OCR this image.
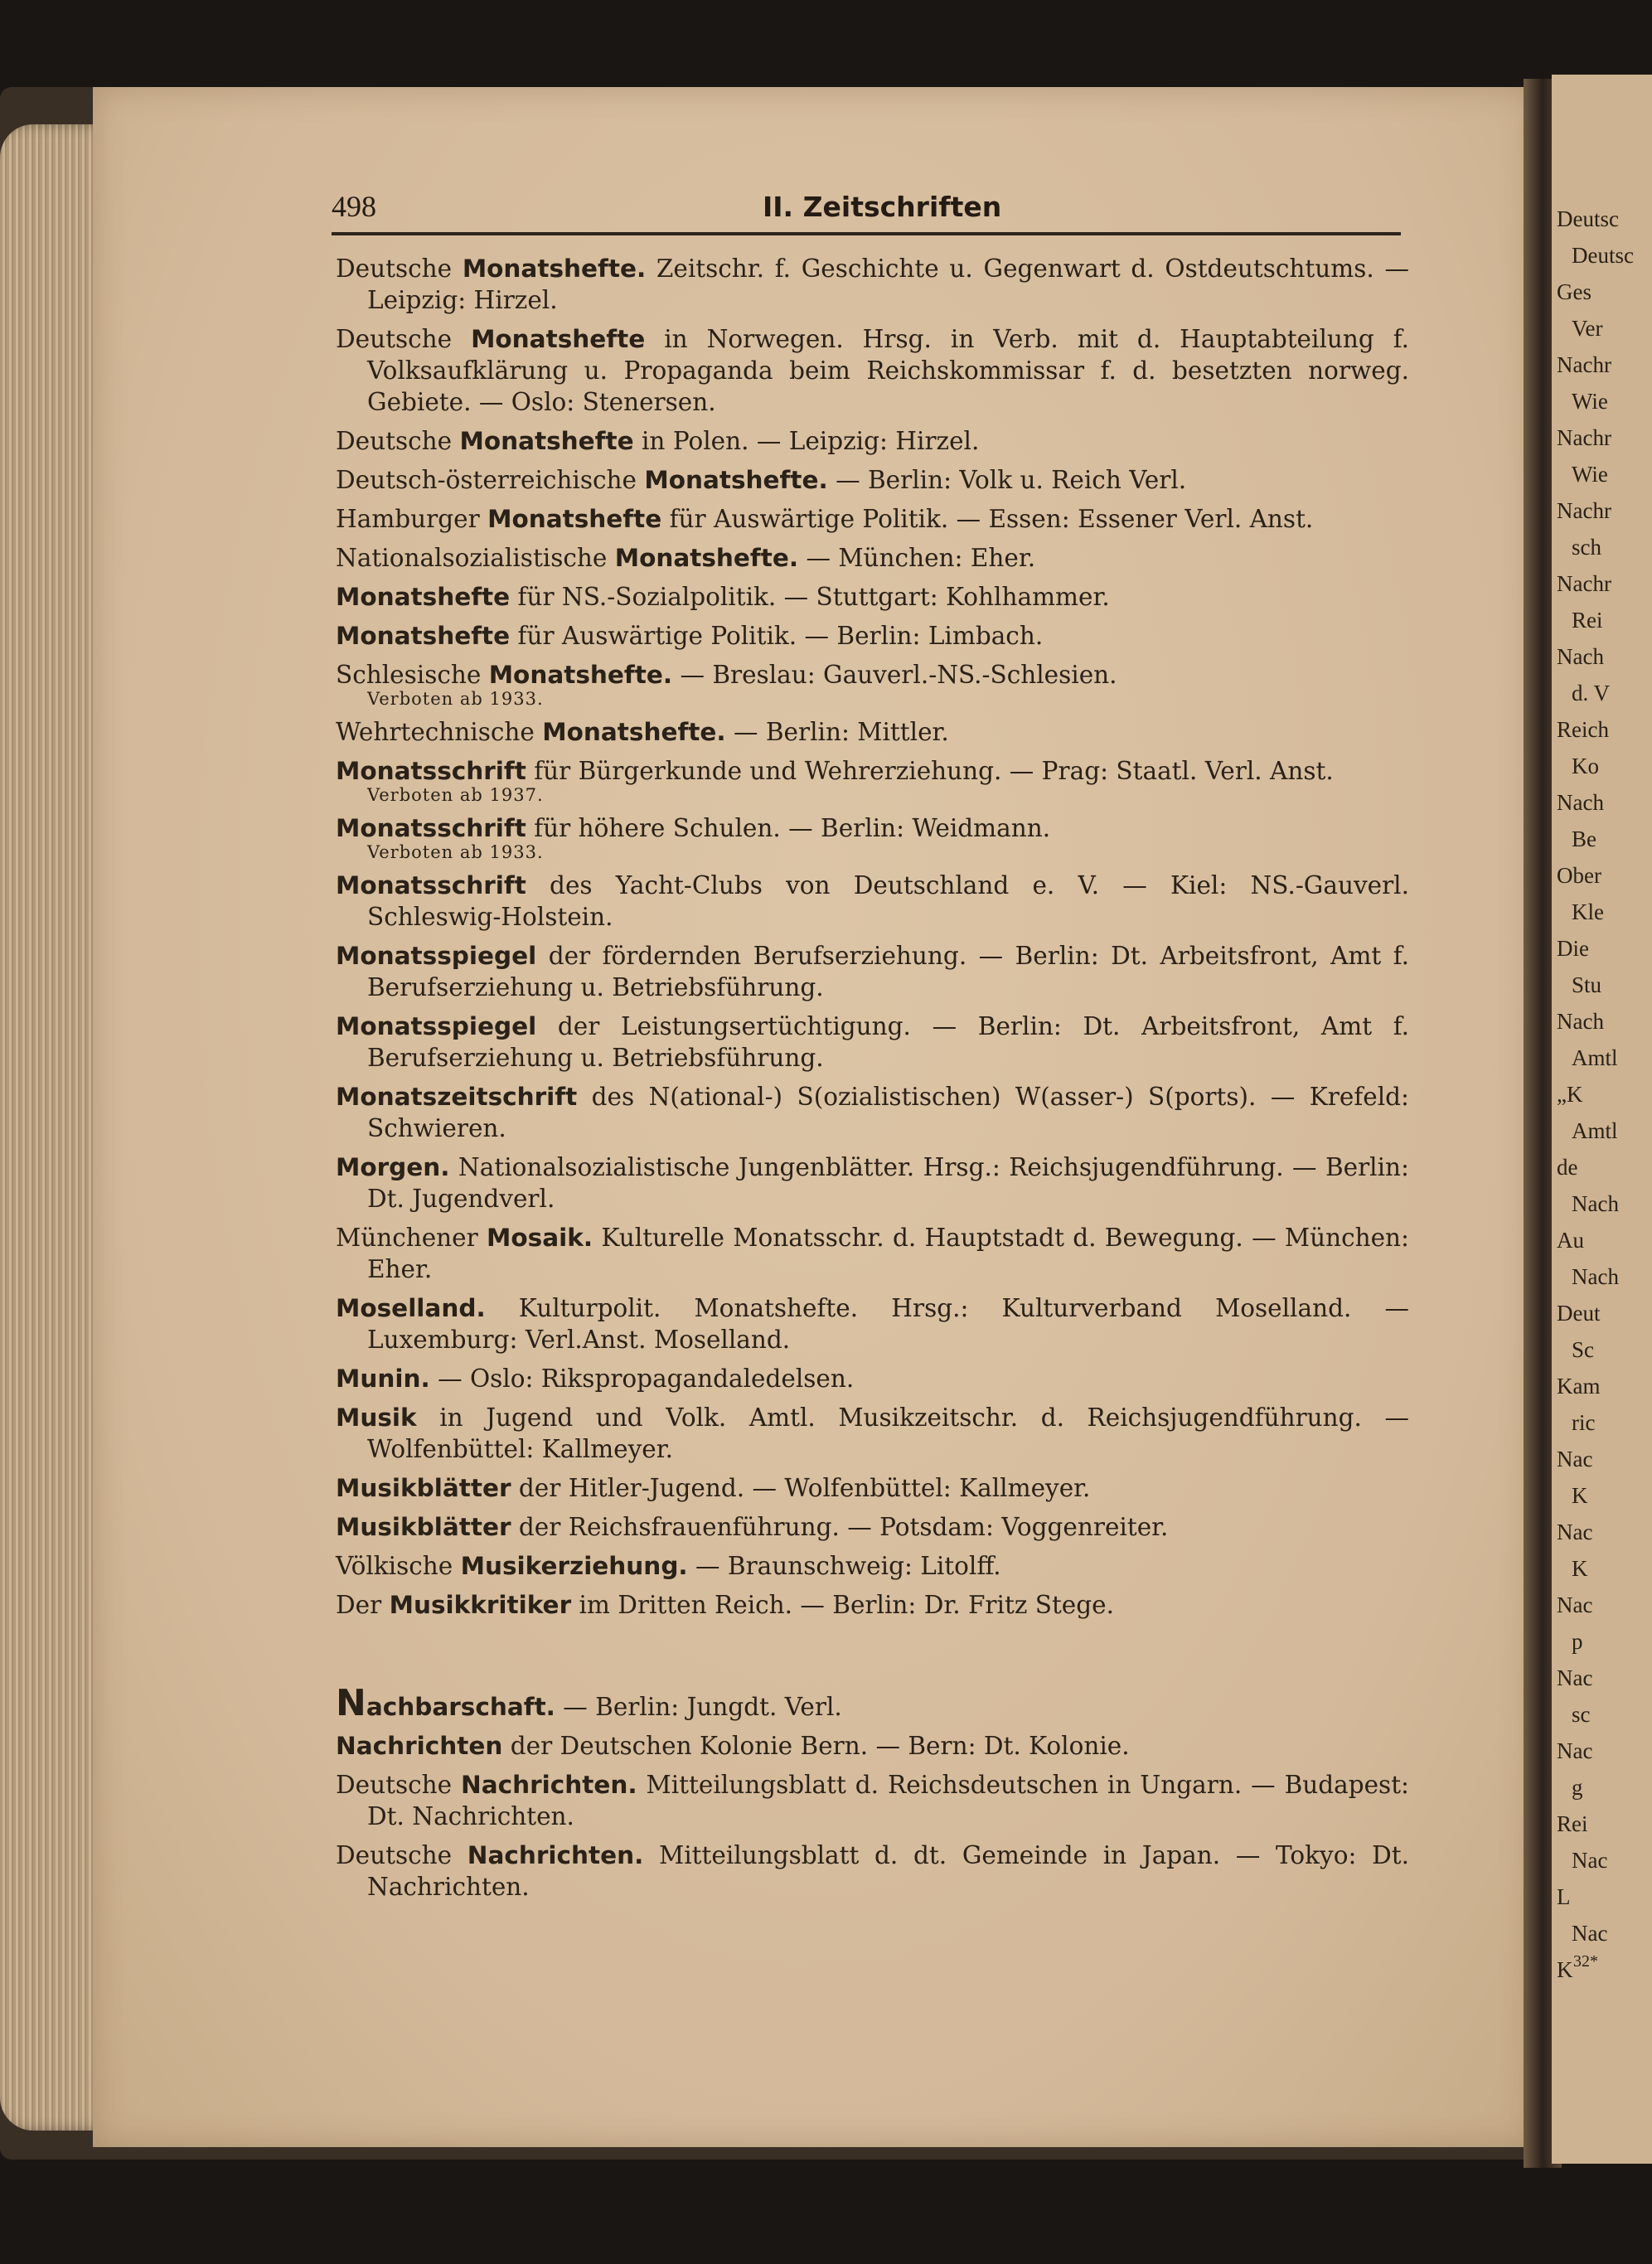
Deutsc
Deutsc
Ges
Ver
Nachr
Wie
Nachr
Wie
Nachr
sch
Nachr
Rei
Nach
d. V
Reich
Ko
Nach
Be
Ober
Kle
Die
Stu
Nach
Amtl
„K
Amtl
de
Nach
Au
Nach
Deut
Sc
Kam
ric
Nac
K
Nac
K
Nac
p
Nac
sc
Nac
g
Rei
Nac
L
Nac
K 32*
498	II. Zeitschriften
Deutsche Monatshefte. Zeitschr. f. Geschichte u. Gegenwart d. Ostdeutschtums. — Leipzig: Hirzel.
Deutsche Monatshefte in Norwegen. Hrsg. in Verb. mit d. Hauptabteilung f. Volksaufklärung u. Propaganda beim Reichskommissar f. d. besetzten norweg. Gebiete. — Oslo: Stenersen.
Deutsche Monatshefte in Polen. — Leipzig: Hirzel.
Deutsch-österreichische Monatshefte. — Berlin: Volk u. Reich Verl.
Hamburger Monatshefte für Auswärtige Politik. — Essen: Essener Verl. Anst.
Nationalsozialistische Monatshefte. — München: Eher.
Monatshefte für NS.-Sozialpolitik. — Stuttgart: Kohlhammer.
Monatshefte für Auswärtige Politik. — Berlin: Limbach.
Schlesische Monatshefte. — Breslau: Gauverl.-NS.-Schlesien.
Verboten ab 1933.
Wehrtechnische Monatshefte. — Berlin: Mittler.
Monatsschrift für Bürgerkunde und Wehrerziehung. — Prag: Staatl. Verl. Anst.
Verboten ab 1937.
Monatsschrift für höhere Schulen. — Berlin: Weidmann.
Verboten ab 1933.
Monatsschrift des Yacht-Clubs von Deutschland e. V. — Kiel: NS.-Gauverl. Schleswig-Holstein.
Monatsspiegel der fördernden Berufserziehung. — Berlin: Dt. Arbeitsfront, Amt f. Berufserziehung u. Betriebsführung.
Monatsspiegel der Leistungsertüchtigung. — Berlin: Dt. Arbeitsfront, Amt f. Berufserziehung u. Betriebsführung.
Monatszeitschrift des N(ational-) S(ozialistischen) W(asser-) S(ports). — Krefeld: Schwieren.
Morgen. Nationalsozialistische Jungenblätter. Hrsg.: Reichsjugendführung. — Berlin: Dt. Jugendverl.
Münchener Mosaik. Kulturelle Monatsschr. d. Hauptstadt d. Bewegung. — München: Eher.
Moselland. Kulturpolit. Monatshefte. Hrsg.: Kulturverband Moselland. — Luxemburg: Verl.Anst. Moselland.
Munin. — Oslo: Rikspropagandaledelsen.
Musik in Jugend und Volk. Amtl. Musikzeitschr. d. Reichsjugendführung. — Wolfenbüttel: Kallmeyer.
Musikblätter der Hitler-Jugend. — Wolfenbüttel: Kallmeyer.
Musikblätter der Reichsfrauenführung. — Potsdam: Voggenreiter.
Völkische Musikerziehung. — Braunschweig: Litolff.
Der Musikkritiker im Dritten Reich. — Berlin: Dr. Fritz Stege.
Nachbarschaft. — Berlin: Jungdt. Verl.
Nachrichten der Deutschen Kolonie Bern. — Bern: Dt. Kolonie.
Deutsche Nachrichten. Mitteilungsblatt d. Reichsdeutschen in Ungarn. — Budapest: Dt. Nachrichten.
Deutsche Nachrichten. Mitteilungsblatt d. dt. Gemeinde in Japan. — Tokyo: Dt. Nachrichten.
